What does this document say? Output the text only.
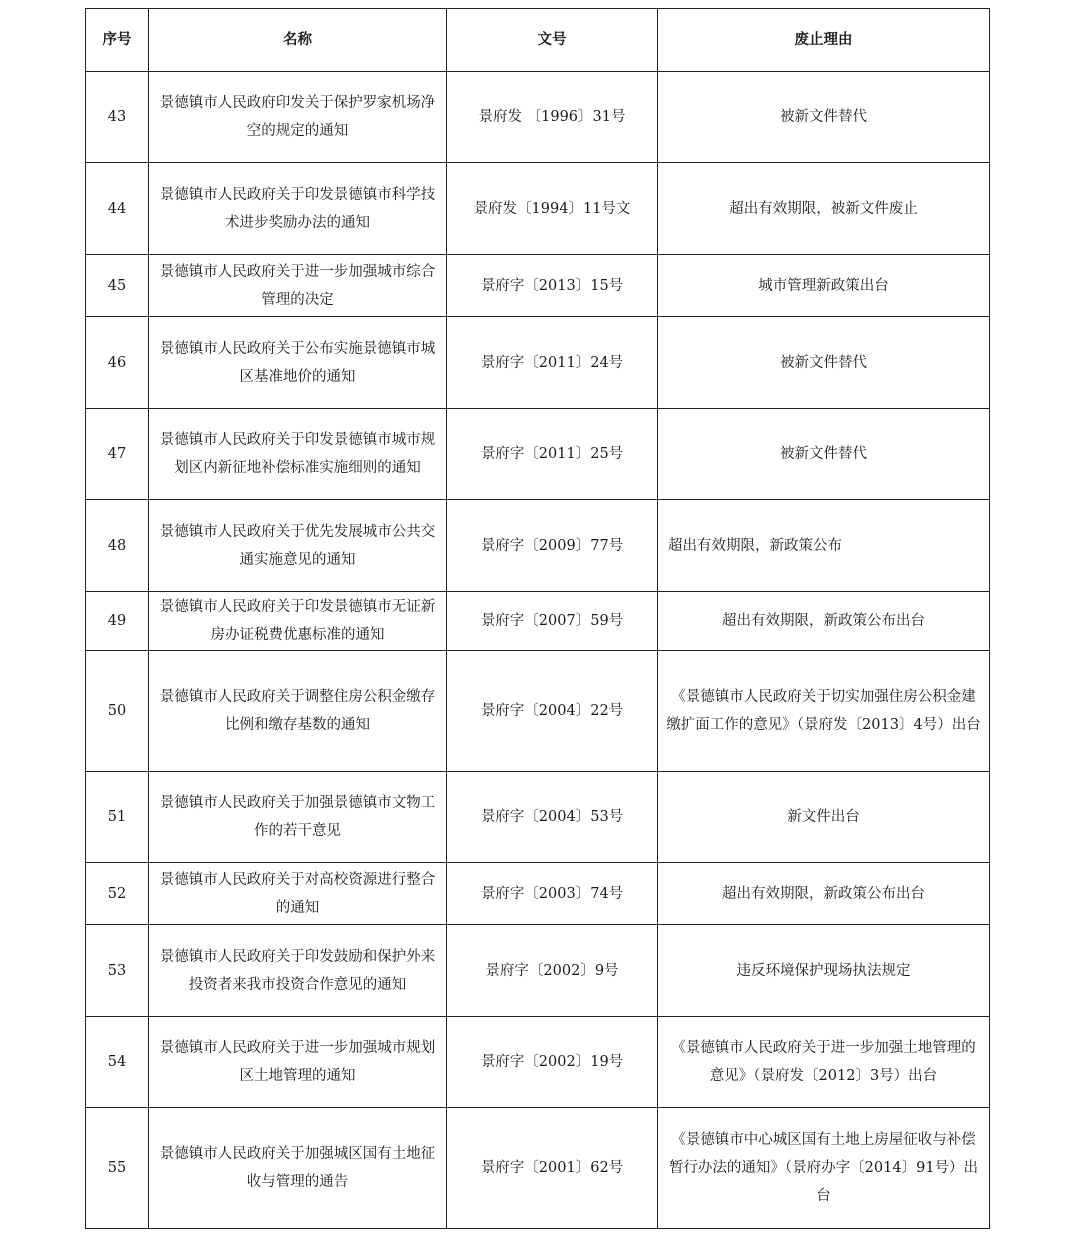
序号	名称	文号	废止理由
43	景德镇市人民政府印发关于保护罗家机场净空的规定的通知	景府发 〔1996〕31号	被新文件替代
44	景德镇市人民政府关于印发景德镇市科学技术进步奖励办法的通知	景府发〔1994〕11号文	超出有效期限，被新文件废止
45	景德镇市人民政府关于进一步加强城市综合管理的决定	景府字〔2013〕15号	城市管理新政策出台
46	景德镇市人民政府关于公布实施景德镇市城区基准地价的通知	景府字〔2011〕24号	被新文件替代
47	景德镇市人民政府关于印发景德镇市城市规划区内新征地补偿标准实施细则的通知	景府字〔2011〕25号	被新文件替代
48	景德镇市人民政府关于优先发展城市公共交通实施意见的通知	景府字〔2009〕77号	超出有效期限，新政策公布
49	景德镇市人民政府关于印发景德镇市无证新房办证税费优惠标准的通知	景府字〔2007〕59号	超出有效期限，新政策公布出台
50	景德镇市人民政府关于调整住房公积金缴存比例和缴存基数的通知	景府字〔2004〕22号	《景德镇市人民政府关于切实加强住房公积金建缴扩面工作的意见》（景府发〔2013〕4号）出台
51	景德镇市人民政府关于加强景德镇市文物工作的若干意见	景府字〔2004〕53号	新文件出台
52	景德镇市人民政府关于对高校资源进行整合的通知	景府字〔2003〕74号	超出有效期限，新政策公布出台
53	景德镇市人民政府关于印发鼓励和保护外来投资者来我市投资合作意见的通知	景府字〔2002〕9号	违反环境保护现场执法规定
54	景德镇市人民政府关于进一步加强城市规划区土地管理的通知	景府字〔2002〕19号	《景德镇市人民政府关于进一步加强土地管理的意见》（景府发〔2012〕3号）出台
55	景德镇市人民政府关于加强城区国有土地征收与管理的通告	景府字〔2001〕62号	《景德镇市中心城区国有土地上房屋征收与补偿暂行办法的通知》（景府办字〔2014〕91号）出台
